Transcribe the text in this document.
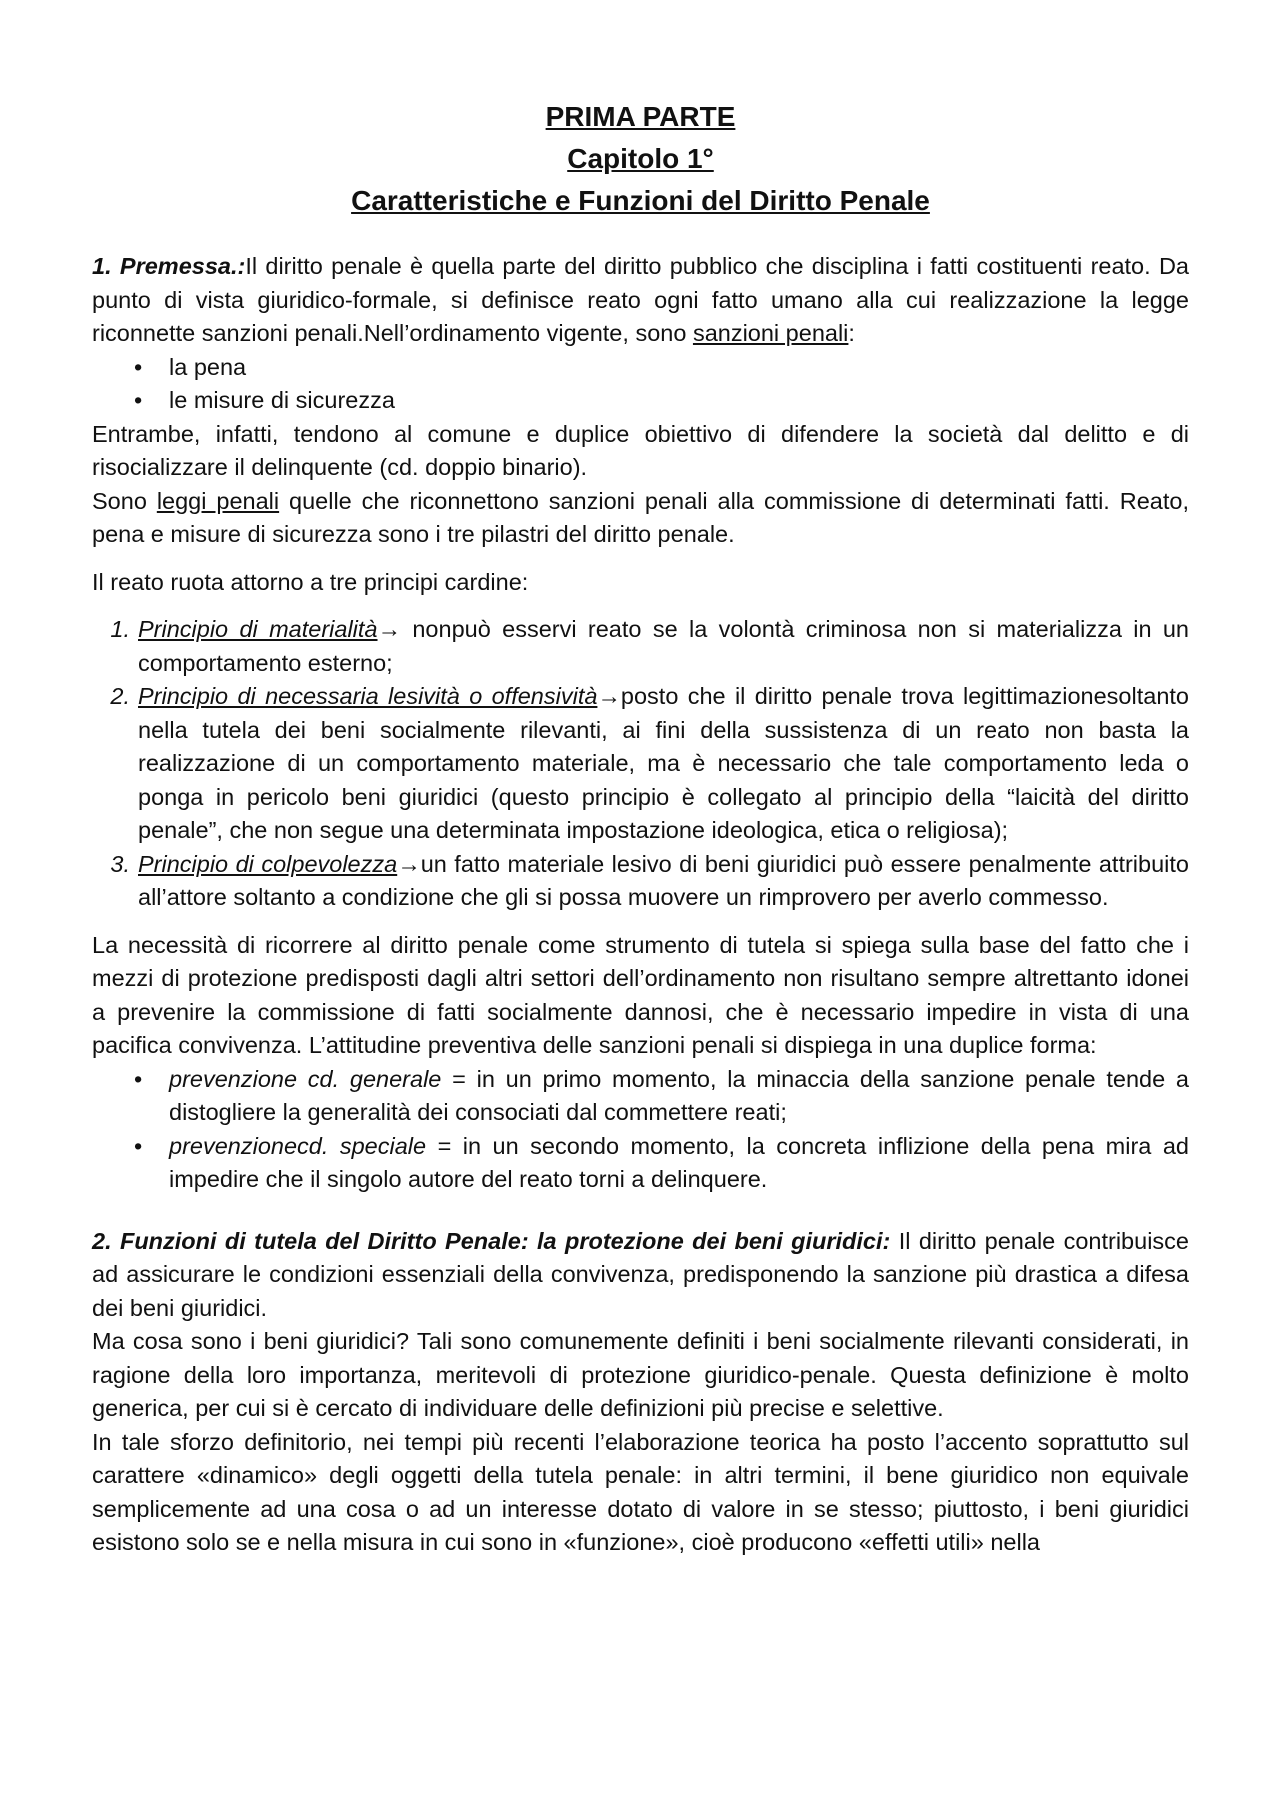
PRIMA PARTE
Capitolo 1°
Caratteristiche e Funzioni del Diritto Penale

1. Premessa.:Il diritto penale è quella parte del diritto pubblico che disciplina i fatti costituenti reato. Da punto di vista giuridico-formale, si definisce reato ogni fatto umano alla cui realizzazione la legge riconnette sanzioni penali.Nell’ordinamento vigente, sono sanzioni penali:

• la pena
• le misure di sicurezza

Entrambe, infatti, tendono al comune e duplice obiettivo di difendere la società dal delitto e di risocializzare il delinquente (cd. doppio binario).

Sono leggi penali quelle che riconnettono sanzioni penali alla commissione di determinati fatti. Reato, pena e misure di sicurezza sono i tre pilastri del diritto penale.

Il reato ruota attorno a tre principi cardine:

1. Principio di materialità→ nonpuò esservi reato se la volontà criminosa non si materializza in un comportamento esterno;
2. Principio di necessaria lesività o offensività→posto che il diritto penale trova legittimazionesoltanto nella tutela dei beni socialmente rilevanti, ai fini della sussistenza di un reato non basta la realizzazione di un comportamento materiale, ma è necessario che tale comportamento leda o ponga in pericolo beni giuridici (questo principio è collegato al principio della “laicità del diritto penale”, che non segue una determinata impostazione ideologica, etica o religiosa);
3. Principio di colpevolezza→un fatto materiale lesivo di beni giuridici può essere penalmente attribuito all’attore soltanto a condizione che gli si possa muovere un rimprovero per averlo commesso.

La necessità di ricorrere al diritto penale come strumento di tutela si spiega sulla base del fatto che i mezzi di protezione predisposti dagli altri settori dell’ordinamento non risultano sempre altrettanto idonei a prevenire la commissione di fatti socialmente dannosi, che è necessario impedire in vista di una pacifica convivenza. L’attitudine preventiva delle sanzioni penali si dispiega in una duplice forma:

• prevenzione cd. generale = in un primo momento, la minaccia della sanzione penale tende a distogliere la generalità dei consociati dal commettere reati;
• prevenzionecd. speciale = in un secondo momento, la concreta inflizione della pena mira ad impedire che il singolo autore del reato torni a delinquere.

2. Funzioni di tutela del Diritto Penale: la protezione dei beni giuridici: Il diritto penale contribuisce ad assicurare le condizioni essenziali della convivenza, predisponendo la sanzione più drastica a difesa dei beni giuridici.

Ma cosa sono i beni giuridici? Tali sono comunemente definiti i beni socialmente rilevanti considerati, in ragione della loro importanza, meritevoli di protezione giuridico-penale. Questa definizione è molto generica, per cui si è cercato di individuare delle definizioni più precise e selettive.

In tale sforzo definitorio, nei tempi più recenti l’elaborazione teorica ha posto l’accento soprattutto sul carattere «dinamico» degli oggetti della tutela penale: in altri termini, il bene giuridico non equivale semplicemente ad una cosa o ad un interesse dotato di valore in se stesso; piuttosto, i beni giuridici esistono solo se e nella misura in cui sono in «funzione», cioè producono «effetti utili» nella
